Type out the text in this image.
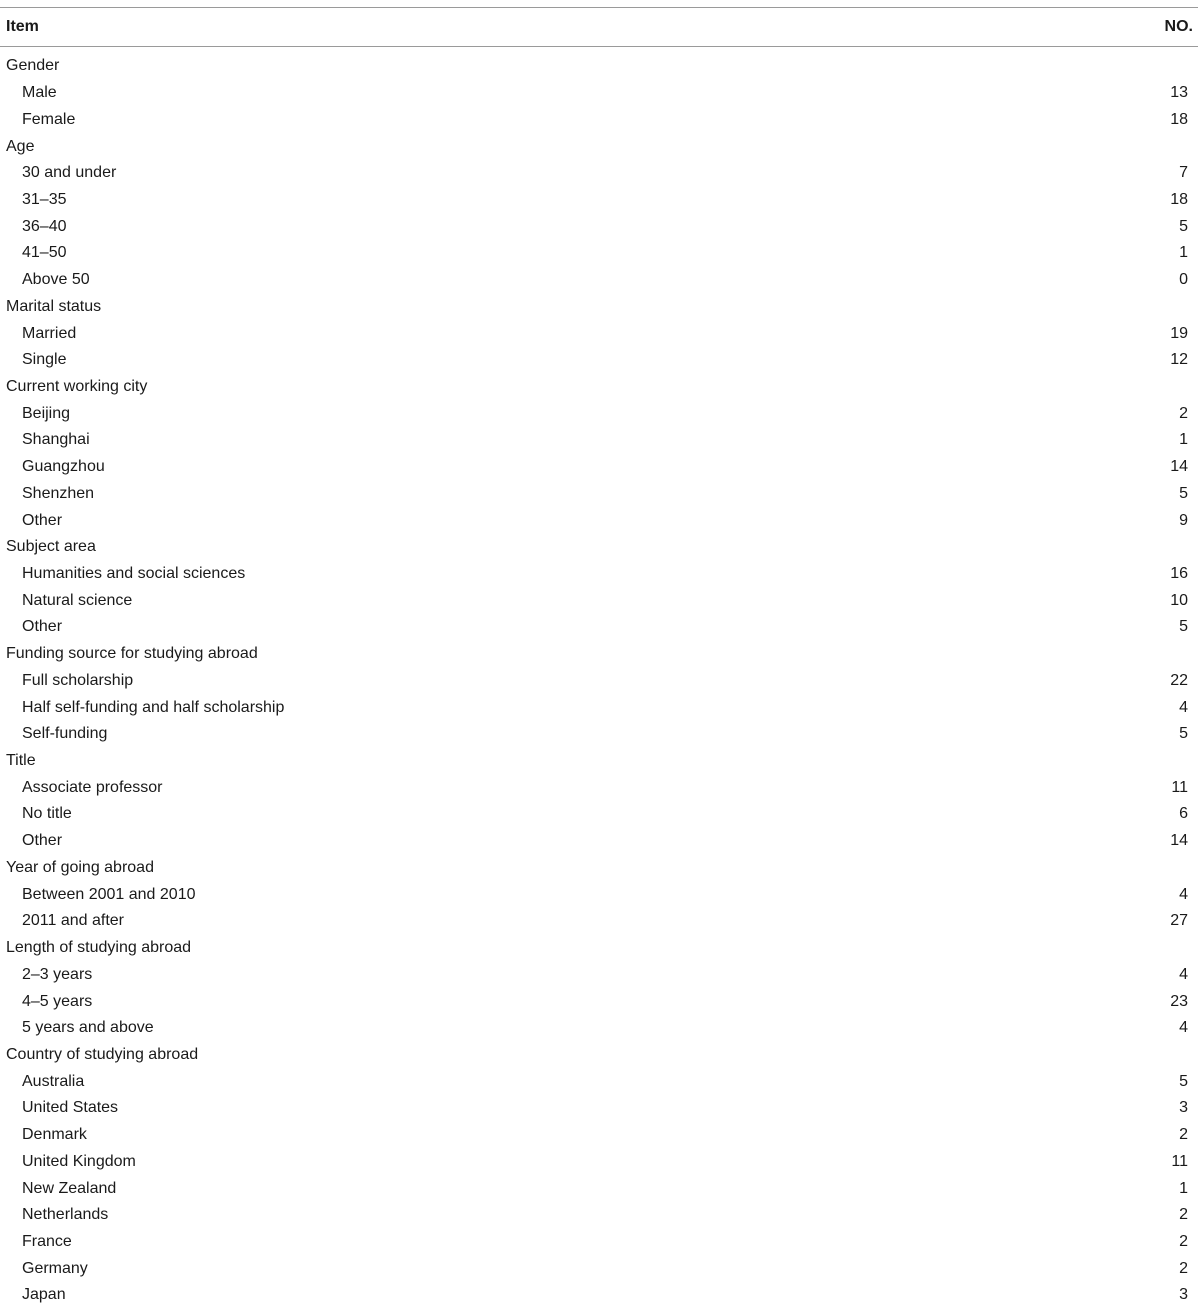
Item	NO.
Gender
Male	13
Female	18
Age
30 and under	7
31–35	18
36–40	5
41–50	1
Above 50	0
Marital status
Married	19
Single	12
Current working city
Beijing	2
Shanghai	1
Guangzhou	14
Shenzhen	5
Other	9
Subject area
Humanities and social sciences	16
Natural science	10
Other	5
Funding source for studying abroad
Full scholarship	22
Half self-funding and half scholarship	4
Self-funding	5
Title
Associate professor	11
No title	6
Other	14
Year of going abroad
Between 2001 and 2010	4
2011 and after	27
Length of studying abroad
2–3 years	4
4–5 years	23
5 years and above	4
Country of studying abroad
Australia	5
United States	3
Denmark	2
United Kingdom	11
New Zealand	1
Netherlands	2
France	2
Germany	2
Japan	3
